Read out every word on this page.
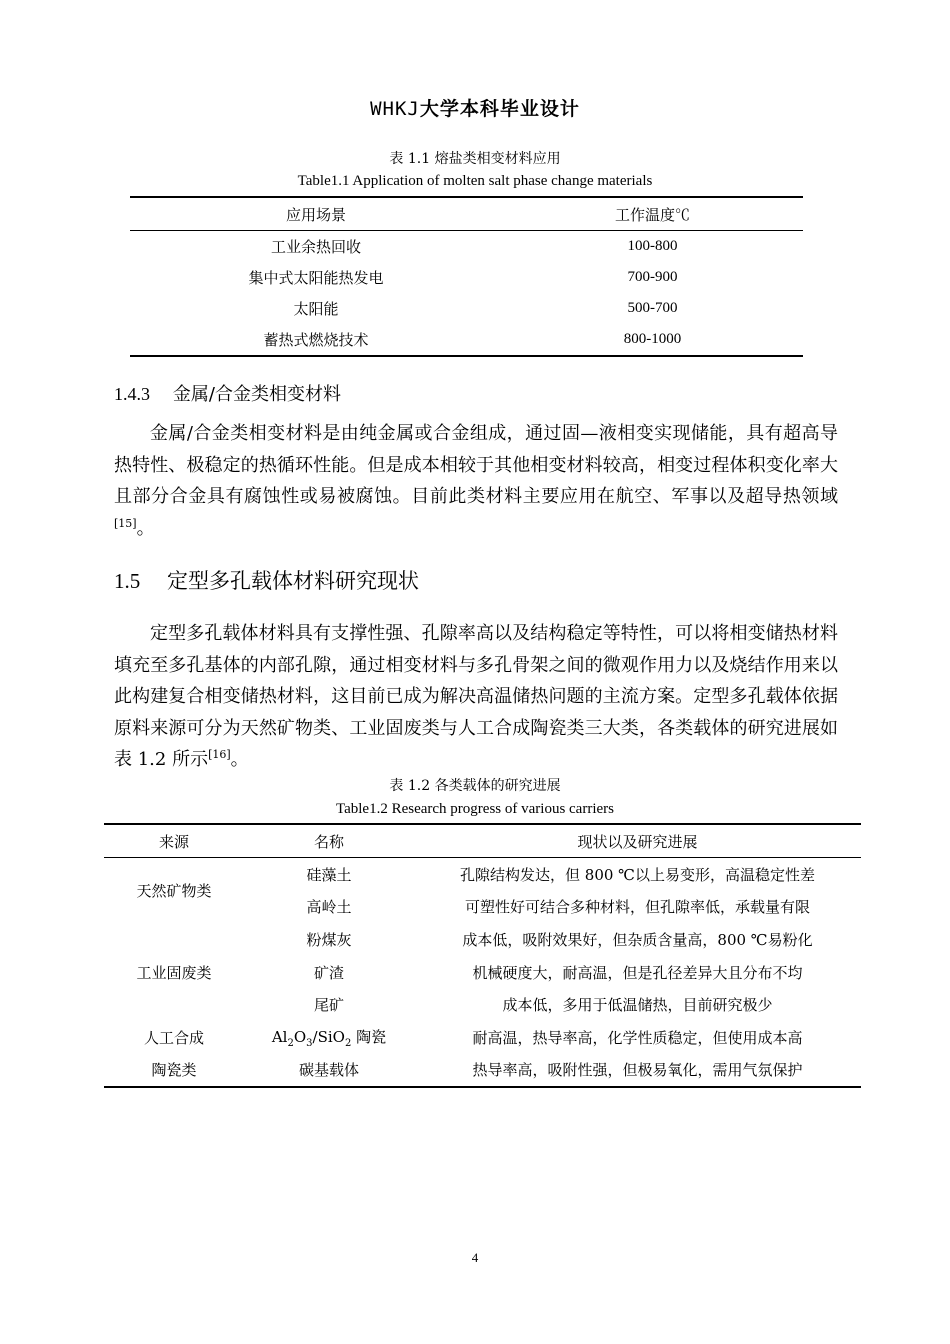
WHKJ大学本科毕业设计
表 1.1 熔盐类相变材料应用
Table1.1 Application of molten salt phase change materials
应用场景	工作温度℃
工业余热回收	100-800
集中式太阳能热发电	700-900
太阳能	500-700
蓄热式燃烧技术	800-1000
1.4.3 金属/合金类相变材料

金属/合金类相变材料是由纯金属或合金组成，通过固—液相变实现储能，具有超高导热特性、极稳定的热循环性能。但是成本相较于其他相变材料较高，相变过程体积变化率大且部分合金具有腐蚀性或易被腐蚀。目前此类材料主要应用在航空、军事以及超导热领域[15]。

1.5 定型多孔载体材料研究现状

定型多孔载体材料具有支撑性强、孔隙率高以及结构稳定等特性，可以将相变储热材料填充至多孔基体的内部孔隙，通过相变材料与多孔骨架之间的微观作用力以及烧结作用来以此构建复合相变储热材料，这目前已成为解决高温储热问题的主流方案。定型多孔载体依据原料来源可分为天然矿物类、工业固废类与人工合成陶瓷类三大类，各类载体的研究进展如表 1.2 所示[16]。

表 1.2 各类载体的研究进展
Table1.2 Research progress of various carriers
来源	名称	现状以及研究进展
天然矿物类	硅藻土	孔隙结构发达，但 800 ℃以上易变形，高温稳定性差
	高岭土	可塑性好可结合多种材料，但孔隙率低，承载量有限
工业固废类	粉煤灰	成本低，吸附效果好，但杂质含量高，800 ℃易粉化
	矿渣	机械硬度大，耐高温，但是孔径差异大且分布不均
	尾矿	成本低，多用于低温储热，目前研究极少
人工合成	$Al_2O_3/SiO_2$ 陶瓷	耐高温，热导率高，化学性质稳定，但使用成本高
陶瓷类	碳基载体	热导率高，吸附性强，但极易氧化，需用气氛保护
4
